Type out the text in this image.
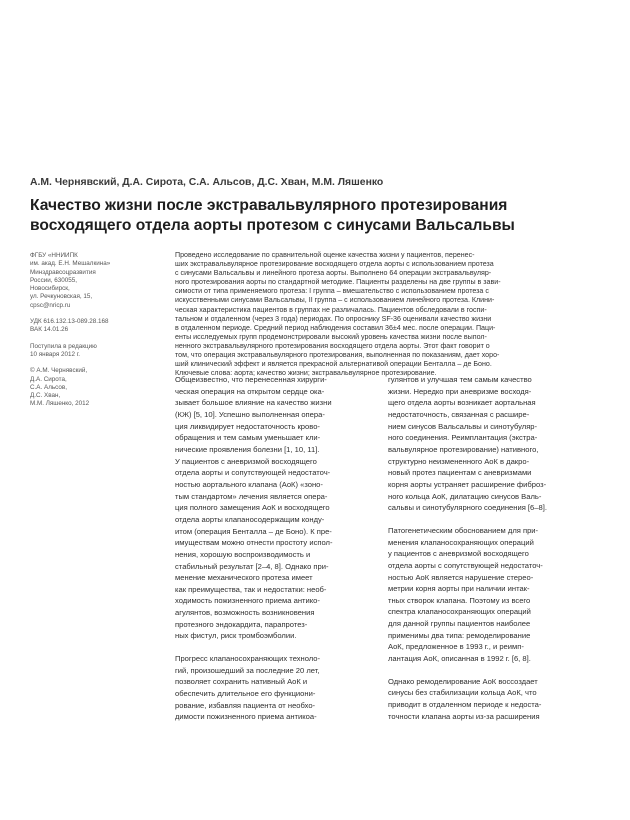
А.М. Чернявский, Д.А. Сирота, С.А. Альсов, Д.С. Хван, М.М. Ляшенко
Качество жизни после экстравальвулярного протезирования
восходящего отдела аорты протезом с синусами Вальсальвы
ФГБУ «ННИИПК
им. акад. Е.Н. Мешалкина»
Минздравсоцразвития
России, 630055,
Новосибирск,
ул. Речкуновская, 15,
cpsc@nricp.ru
УДК 616.132.13-089.28.168
ВАК 14.01.26
Поступила в редакцию
10 января 2012 г.
© А.М. Чернявский,
Д.А. Сирота,
С.А. Альсов,
Д.С. Хван,
М.М. Ляшенко, 2012
Проведено исследование по сравнительной оценке качества жизни у пациентов, перенес-
ших экстравальвулярное протезирование восходящего отдела аорты с использованием протеза
с синусами Вальсальвы и линейного протеза аорты. Выполнено 64 операции экстравальвуляр-
ного протезирования аорты по стандартной методике. Пациенты разделены на две группы в зави-
симости от типа применяемого протеза: I группа – вмешательство с использованием протеза с
искусственными синусами Вальсальвы, II группа – с использованием линейного протеза. Клини-
ческая характеристика пациентов в группах не различалась. Пациентов обследовали в госпи-
тальном и отдаленном (через 3 года) периодах. По опроснику SF-36 оценивали качество жизни
в отдаленном периоде. Средний период наблюдения составил 36±4 мес. после операции. Паци-
енты исследуемых групп продемонстрировали высокий уровень качества жизни после выпол-
ненного экстравальвулярного протезирования восходящего отдела аорты. Этот факт говорит о
том, что операция экстравальвулярного протезирования, выполненная по показаниям, дает хоро-
ший клинический эффект и является прекрасной альтернативой операции Бенталла – де Боно.
Ключевые слова: аорта; качество жизни; экстравальвулярное протезирование.
Общеизвестно, что перенесенная хирурги-
ческая операция на открытом сердце ока-
зывает большое влияние на качество жизни
(КЖ) [5, 10]. Успешно выполненная опера-
ция ликвидирует недостаточность крово-
обращения и тем самым уменьшает кли-
нические проявления болезни [1, 10, 11].
У пациентов с аневризмой восходящего
отдела аорты и сопутствующей недостаточ-
ностью аортального клапана (АоК) «зоно-
тым стандартом» лечения является опера-
ция полного замещения АоК и восходящего
отдела аорты клапаносодержащим конду-
итом (операция Бенталла – де Боно). К пре-
имуществам можно отнести простоту испол-
нения, хорошую воспроизводимость и
стабильный результат [2–4, 8]. Однако при-
менение механического протеза имеет
как преимущества, так и недостатки: необ-
ходимость пожизненного приема антико-
агулянтов, возможность возникновения
протезного эндокардита, парапротез-
ных фистул, риск тромбоэмболии.
Прогресс клапаносохраняющих техноло-
гий, произошедший за последние 20 лет,
позволяет сохранить нативный АоК и
обеспечить длительное его функциони-
рование, избавляя пациента от необхо-
димости пожизненного приема антикоа-
гулянтов и улучшая тем самым качество
жизни. Нередко при аневризме восходя-
щего отдела аорты возникает аортальная
недостаточность, связанная с расшире-
нием синусов Вальсальвы и синотубуляр-
ного соединения. Реимплантация (экстра-
вальвулярное протезирование) нативного,
структурно неизмененного АоК в дакро-
новый протез пациентам с аневризмами
корня аорты устраняет расширение фиброз-
ного кольца АоК, дилатацию синусов Валь-
сальвы и синотубулярного соединения [6–8].
Патогенетическим обоснованием для при-
менения клапаносохраняющих операций
у пациентов с аневризмой восходящего
отдела аорты с сопутствующей недостаточ-
ностью АоК является нарушение стерео-
метрии корня аорты при наличии интак-
тных створок клапана. Поэтому из всего
спектра клапаносохраняющих операций
для данной группы пациентов наиболее
применимы два типа: ремоделирование
АоК, предложенное в 1993 г., и реимп-
лантация АоК, описанная в 1992 г. [6, 8].
Однако ремоделирование АоК воссоздает
синусы без стабилизации кольца АоК, что
приводит в отдаленном периоде к недоста-
точности клапана аорты из-за расширения
